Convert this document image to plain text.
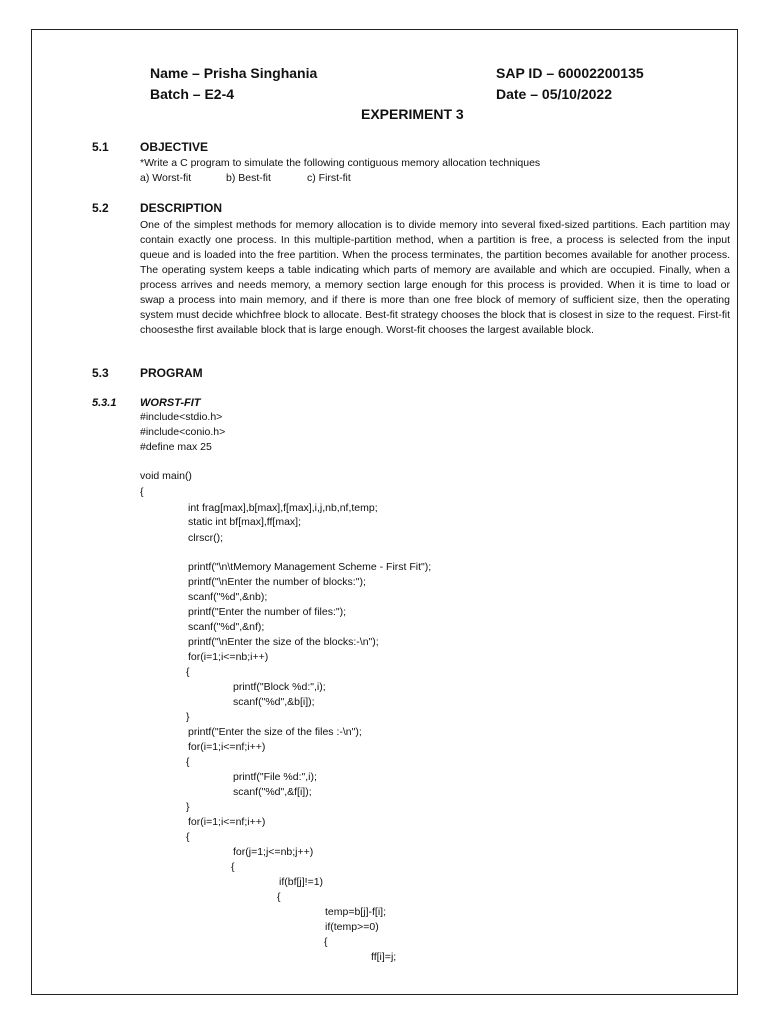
Name – Prisha Singhania	SAP ID – 60002200135
Batch – E2-4	Date – 05/10/2022
EXPERIMENT 3
5.1	OBJECTIVE
*Write a C program to simulate the following contiguous memory allocation techniques
a) Worst-fit	b) Best-fit	c) First-fit
5.2	DESCRIPTION
One of the simplest methods for memory allocation is to divide memory into several fixed-sized partitions. Each partition may contain exactly one process. In this multiple-partition method, when a partition is free, a process is selected from the input queue and is loaded into the free partition. When the process terminates, the partition becomes available for another process. The operating system keeps a table indicating which parts of memory are available and which are occupied. Finally, when a process arrives and needs memory, a memory section large enough for this process is provided. When it is time to load or swap a process into main memory, and if there is more than one free block of memory of sufficient size, then the operating system must decide whichfree block to allocate. Best-fit strategy chooses the block that is closest in size to the request. First-fit choosesthe first available block that is large enough. Worst-fit chooses the largest available block.
5.3	PROGRAM
5.3.1 WORST-FIT
#include<stdio.h>
#include<conio.h>
#define max 25
void main()
{
int frag[max],b[max],f[max],i,j,nb,nf,temp;
static int bf[max],ff[max];
clrscr();
printf("\n\tMemory Management Scheme - First Fit");
printf("\nEnter the number of blocks:");
scanf("%d",&nb);
printf("Enter the number of files:");
scanf("%d",&nf);
printf("\nEnter the size of the blocks:-\n");
for(i=1;i<=nb;i++)
{
printf("Block %d:",i);
scanf("%d",&b[i]);
}
printf("Enter the size of the files :-\n");
for(i=1;i<=nf;i++)
{
printf("File %d:",i);
scanf("%d",&f[i]);
}
for(i=1;i<=nf;i++)
{
for(j=1;j<=nb;j++)
{
if(bf[j]!=1)
{
temp=b[j]-f[i];
if(temp>=0)
{
ff[i]=j;
